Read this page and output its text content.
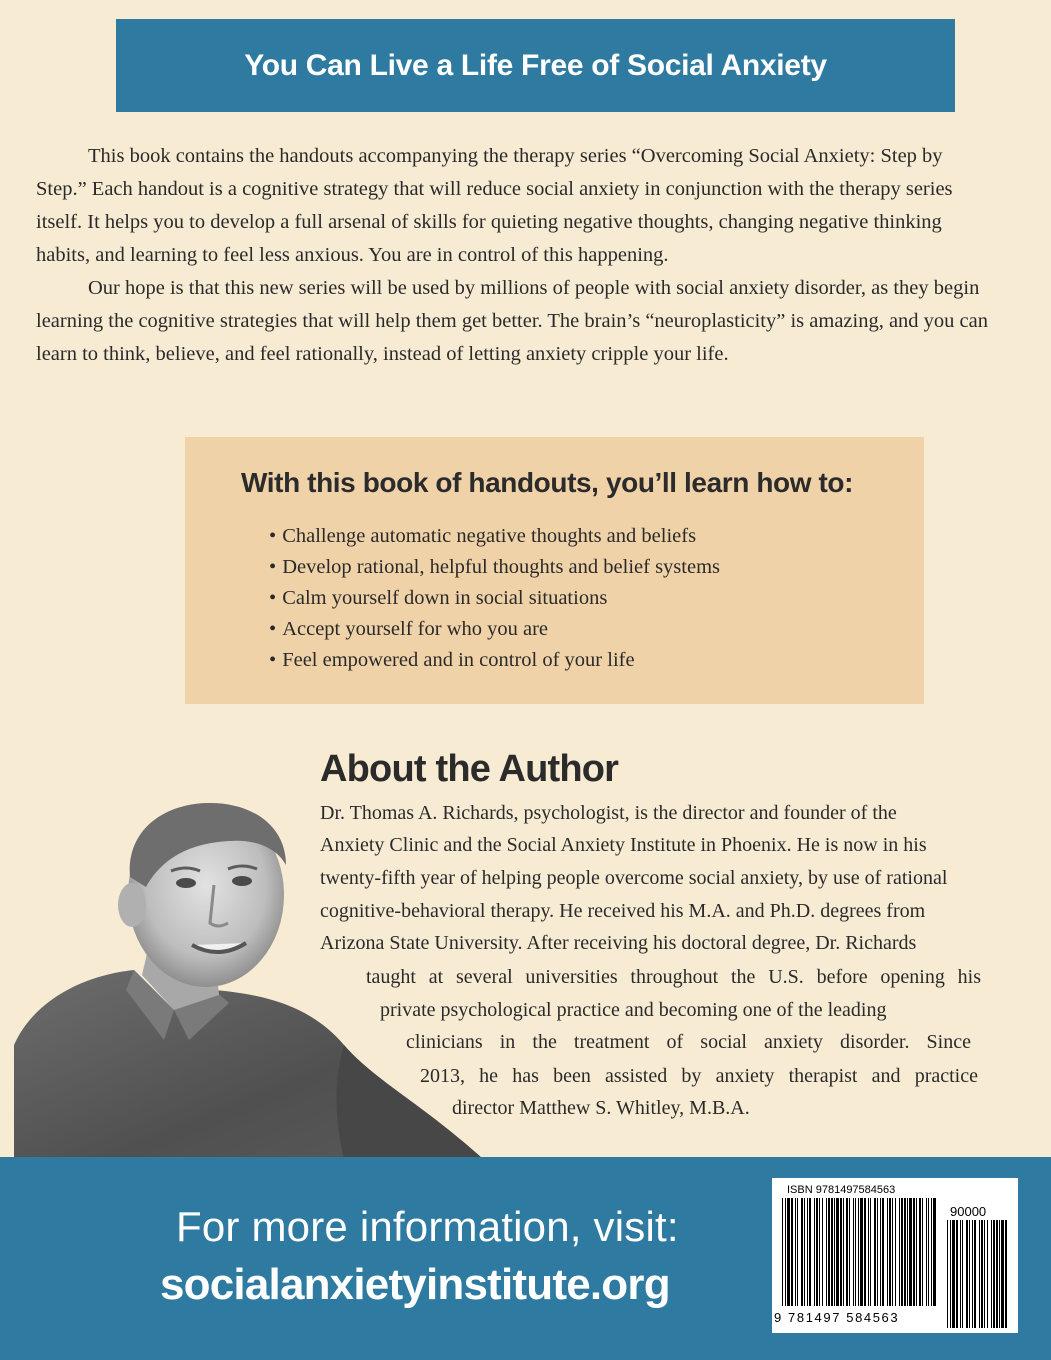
You Can Live a Life Free of Social Anxiety

This book contains the handouts accompanying the therapy series “Overcoming Social Anxiety: Step by Step.” Each handout is a cognitive strategy that will reduce social anxiety in conjunction with the therapy series itself. It helps you to develop a full arsenal of skills for quieting negative thoughts, changing negative thinking habits, and learning to feel less anxious. You are in control of this happening.

Our hope is that this new series will be used by millions of people with social anxiety disorder, as they begin learning the cognitive strategies that will help them get better. The brain’s “neuroplasticity” is amazing, and you can learn to think, believe, and feel rationally, instead of letting anxiety cripple your life.

With this book of handouts, you’ll learn how to:
• Challenge automatic negative thoughts and beliefs
• Develop rational, helpful thoughts and belief systems
• Calm yourself down in social situations
• Accept yourself for who you are
• Feel empowered and in control of your life
About the Author
Dr. Thomas A. Richards, psychologist, is the director and founder of the
Anxiety Clinic and the Social Anxiety Institute in Phoenix. He is now in his
twenty-fifth year of helping people overcome social anxiety, by use of rational
cognitive-behavioral therapy. He received his M.A. and Ph.D. degrees from
Arizona State University. After receiving his doctoral degree, Dr. Richards
taught at several universities throughout the U.S. before opening his
private psychological practice and becoming one of the leading
clinicians in the treatment of social anxiety disorder. Since
2013, he has been assisted by anxiety therapist and practice
director Matthew S. Whitley, M.B.A.

For more information, visit:

socialanxietyinstitute.org

ISBN 9781497584563
90000
9 781497 584563
